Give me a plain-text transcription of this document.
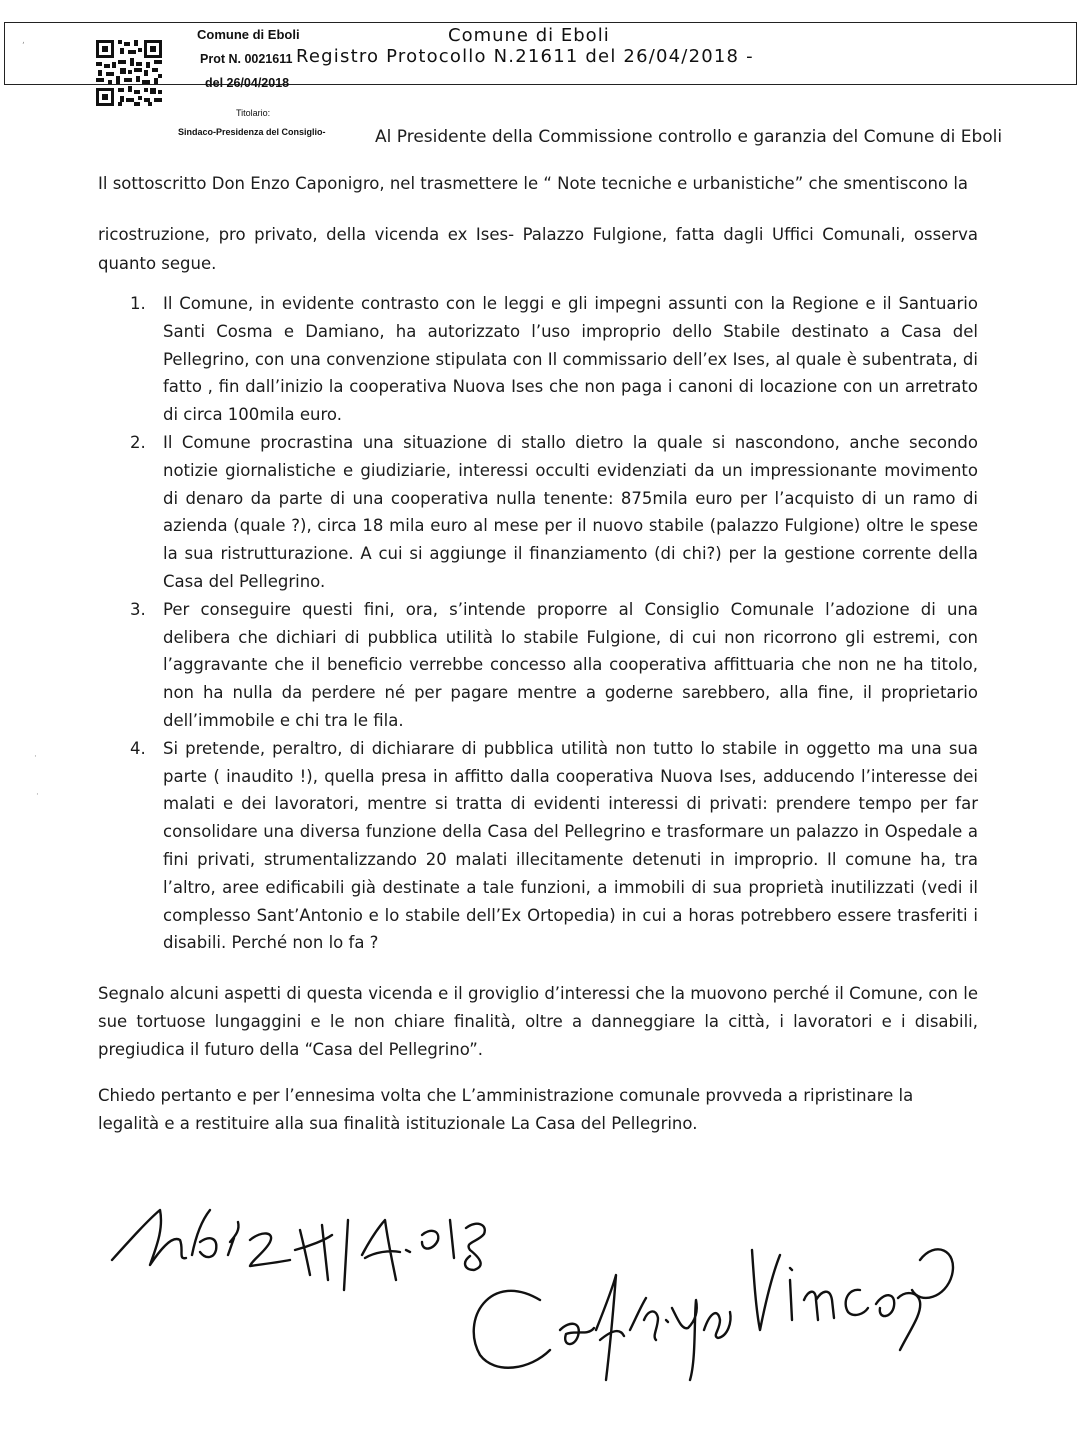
Comune di Eboli
Registro Protocollo N.21611 del 26/04/2018 -
Comune di Eboli
Prot N. 0021611
del 26/04/2018
Titolario:
Sindaco-Presidenza del Consiglio-	Al Presidente della Commissione controllo e garanzia del Comune di Eboli
Il sottoscritto Don Enzo Caponigro, nel trasmettere le “ Note tecniche e urbanistiche” che smentiscono la
ricostruzione, pro privato, della vicenda ex Ises- Palazzo Fulgione, fatta dagli Uffici Comunali, osserva quanto segue.
1. Il Comune, in evidente contrasto con le leggi e gli impegni assunti con la Regione e il Santuario Santi Cosma e Damiano, ha autorizzato l’uso improprio dello Stabile destinato a Casa del Pellegrino, con una convenzione stipulata con Il commissario dell’ex Ises, al quale è subentrata, di fatto , fin dall’inizio la cooperativa Nuova Ises che non paga i canoni di locazione con un arretrato di circa 100mila euro.
2. Il Comune procrastina una situazione di stallo dietro la quale si nascondono, anche secondo notizie giornalistiche e giudiziarie, interessi occulti evidenziati da un impressionante movimento di denaro da parte di una cooperativa nulla tenente: 875mila euro per l’acquisto di un ramo di azienda (quale ?), circa 18 mila euro al mese per il nuovo stabile (palazzo Fulgione) oltre le spese la sua ristrutturazione. A cui si aggiunge il finanziamento (di chi?) per la gestione corrente della Casa del Pellegrino.
3. Per conseguire questi fini, ora, s’intende proporre al Consiglio Comunale l’adozione di una delibera che dichiari di pubblica utilità lo stabile Fulgione, di cui non ricorrono gli estremi, con l’aggravante che il beneficio verrebbe concesso alla cooperativa affittuaria che non ne ha titolo, non ha nulla da perdere né per pagare mentre a goderne sarebbero, alla fine, il proprietario dell’immobile e chi tra le fila.
4. Si pretende, peraltro, di dichiarare di pubblica utilità non tutto lo stabile in oggetto ma una sua parte ( inaudito !), quella presa in affitto dalla cooperativa Nuova Ises, adducendo l’interesse dei malati e dei lavoratori, mentre si tratta di evidenti interessi di privati: prendere tempo per far consolidare una diversa funzione della Casa del Pellegrino e trasformare un palazzo in Ospedale a fini privati, strumentalizzando 20 malati illecitamente detenuti in improprio. Il comune ha, tra l’altro, aree edificabili già destinate a tale funzioni, a immobili di sua proprietà inutilizzati (vedi il complesso Sant’Antonio e lo stabile dell’Ex Ortopedia) in cui a horas potrebbero essere trasferiti i disabili. Perché non lo fa ?
Segnalo alcuni aspetti di questa vicenda e il groviglio d’interessi che la muovono perché il Comune, con le sue tortuose lungaggini e le non chiare finalità, oltre a danneggiare la città, i lavoratori e i disabili, pregiudica il futuro della “Casa del Pellegrino”.
Chiedo pertanto e per l’ennesima volta che L’amministrazione comunale provveda a ripristinare la legalità e a restituire alla sua finalità istituzionale La Casa del Pellegrino.
,
·
·
